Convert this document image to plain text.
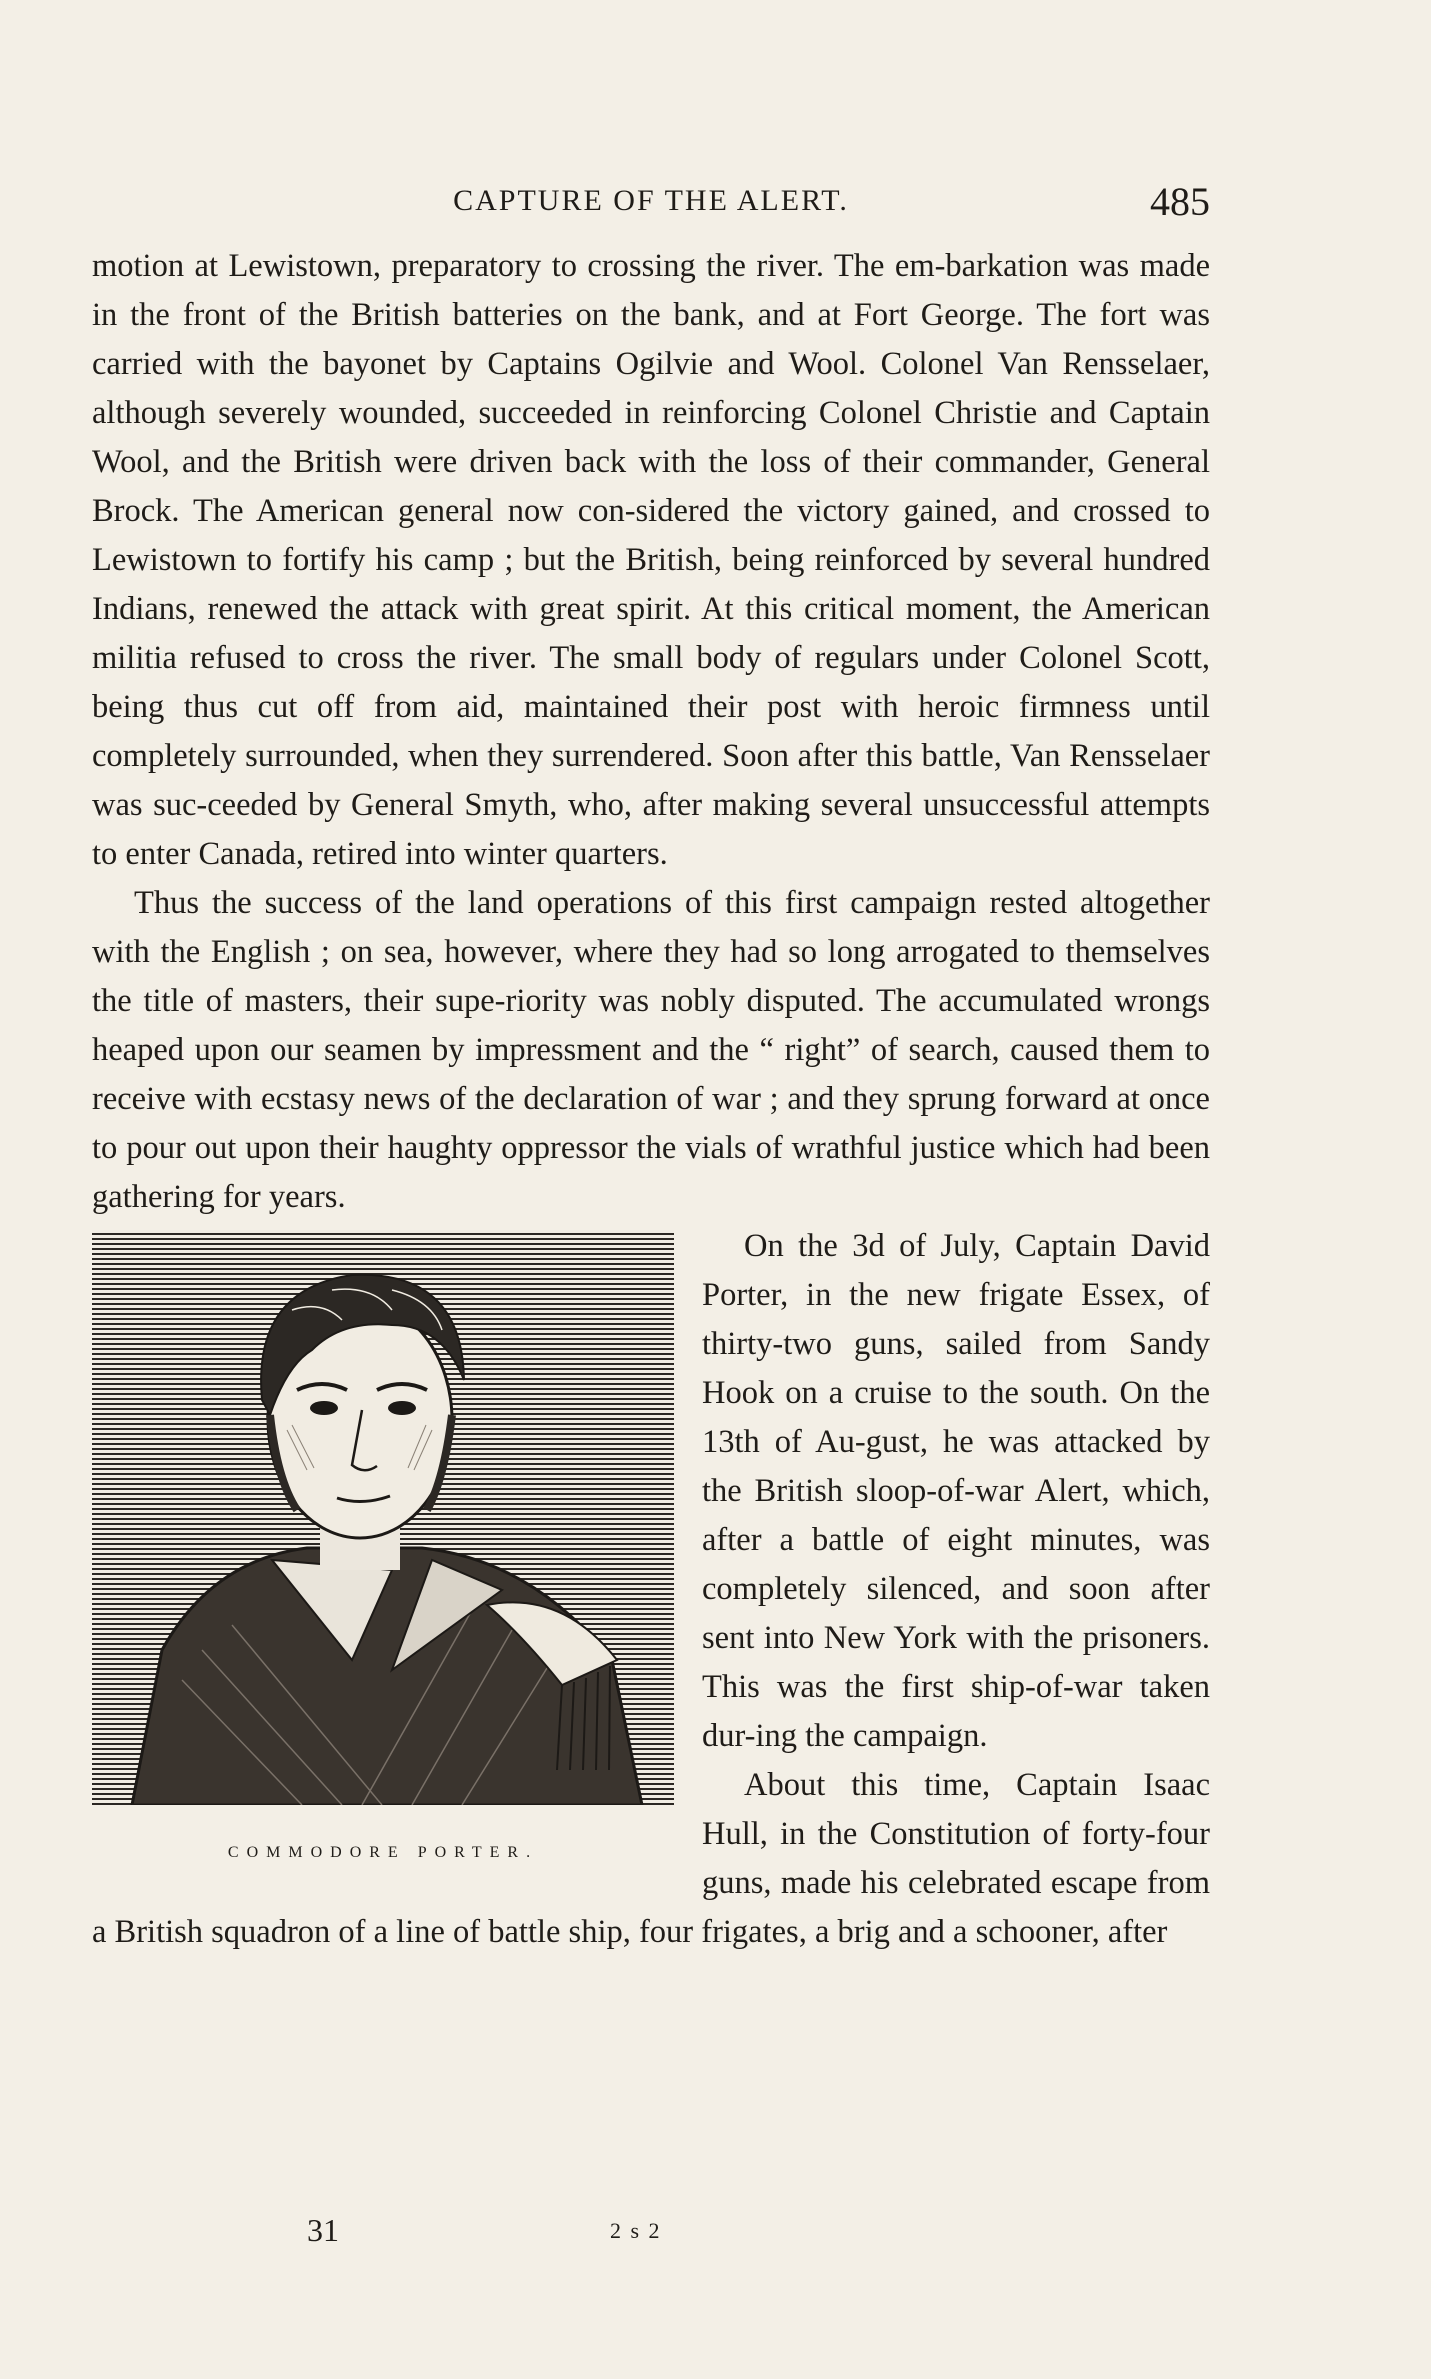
CAPTURE OF THE ALERT.	485

motion at Lewistown, preparatory to crossing the river. The em-barkation was made in the front of the British batteries on the bank, and at Fort George. The fort was carried with the bayonet by Captains Ogilvie and Wool. Colonel Van Rensselaer, although severely wounded, succeeded in reinforcing Colonel Christie and Captain Wool, and the British were driven back with the loss of their commander, General Brock. The American general now con-sidered the victory gained, and crossed to Lewistown to fortify his camp ; but the British, being reinforced by several hundred Indians, renewed the attack with great spirit. At this critical moment, the American militia refused to cross the river. The small body of regulars under Colonel Scott, being thus cut off from aid, maintained their post with heroic firmness until completely surrounded, when they surrendered. Soon after this battle, Van Rensselaer was suc-ceeded by General Smyth, who, after making several unsuccessful attempts to enter Canada, retired into winter quarters.

Thus the success of the land operations of this first campaign rested altogether with the English ; on sea, however, where they had so long arrogated to themselves the title of masters, their supe-riority was nobly disputed. The accumulated wrongs heaped upon our seamen by impressment and the “ right” of search, caused them to receive with ecstasy news of the declaration of war ; and they sprung forward at once to pour out upon their haughty oppressor the vials of wrathful justice which had been gathering for years.

COMMODORE PORTER.

On the 3d of July, Captain David Porter, in the new frigate Essex, of thirty-two guns, sailed from Sandy Hook on a cruise to the south. On the 13th of Au-gust, he was attacked by the British sloop-of-war Alert, which, after a battle of eight minutes, was completely silenced, and soon after sent into New York with the prisoners. This was the first ship-of-war taken dur-ing the campaign.

About this time, Captain Isaac Hull, in the Constitution of forty-four guns, made his celebrated escape from a British squadron of a line of battle ship, four frigates, a brig and a schooner, after

31	2 s 2
